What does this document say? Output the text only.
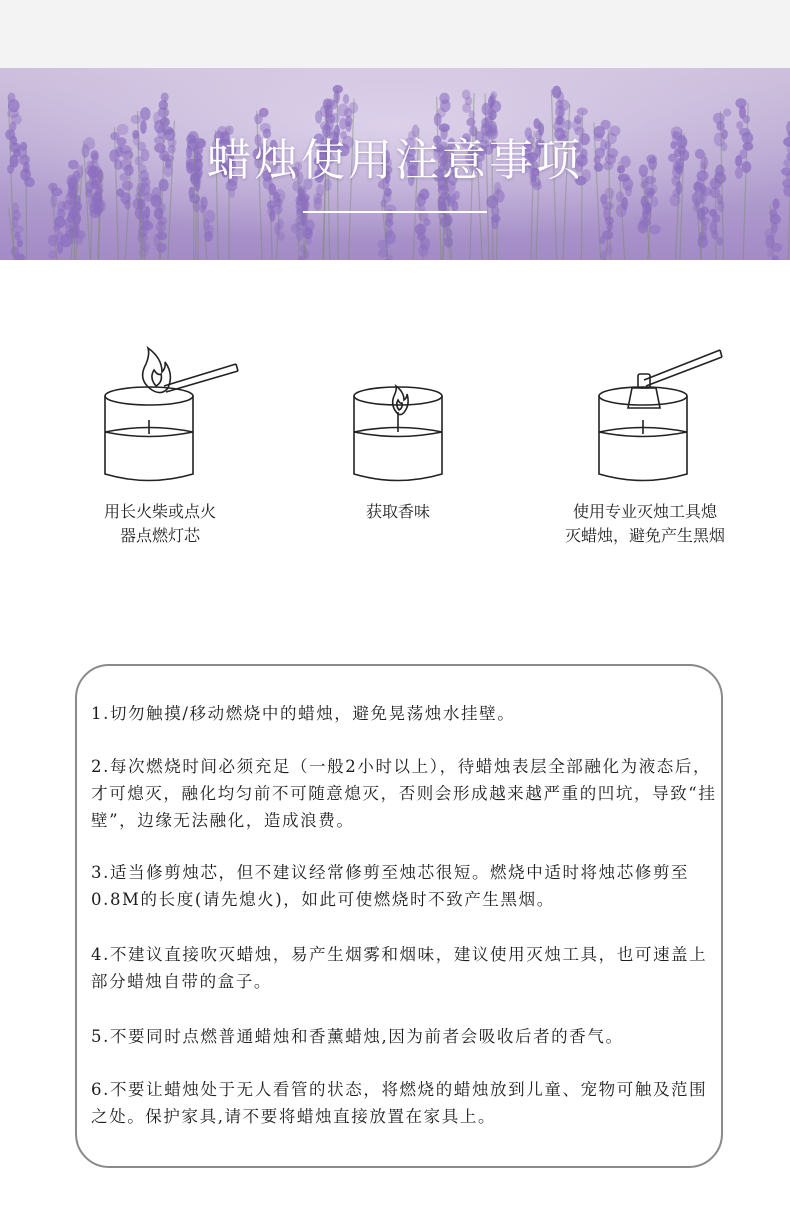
蜡烛使用注意事项
用长火柴或点火
器点燃灯芯
获取香味	使用专业灭烛工具熄
灭蜡烛，避免产生黑烟
1.切勿触摸/移动燃烧中的蜡烛，避免晃荡烛水挂壁。
2.每次燃烧时间必须充足（一般2小时以上），待蜡烛表层全部融化为液态后，才可熄灭，融化均匀前不可随意熄灭，否则会形成越来越严重的凹坑，导致“挂壁”，边缘无法融化，造成浪费。
3.适当修剪烛芯，但不建议经常修剪至烛芯很短。燃烧中适时将烛芯修剪至0.8M的长度(请先熄火)，如此可使燃烧时不致产生黑烟。
4.不建议直接吹灭蜡烛，易产生烟雾和烟味，建议使用灭烛工具，也可速盖上部分蜡烛自带的盒子。
5.不要同时点燃普通蜡烛和香薰蜡烛,因为前者会吸收后者的香气。
6.不要让蜡烛处于无人看管的状态，将燃烧的蜡烛放到儿童、宠物可触及范围之处。保护家具,请不要将蜡烛直接放置在家具上。
